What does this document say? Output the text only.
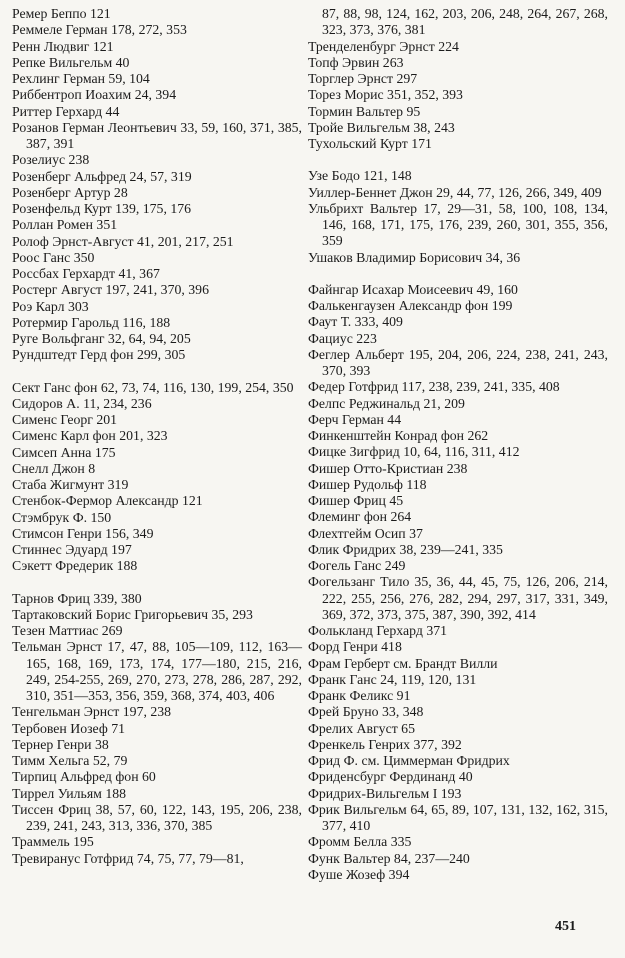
Ремер Беппо 121

Реммеле Герман 178, 272, 353

Ренн Людвиг 121

Репке Вильгельм 40

Рехлинг Герман 59, 104

Риббентроп Иоахим 24, 394

Риттер Герхард 44

Розанов Герман Леонтьевич 33, 59, 160, 371, 385, 387, 391

Розелиус 238

Розенберг Альфред 24, 57, 319

Розенберг Артур 28

Розенфельд Курт 139, 175, 176

Роллан Ромен 351

Ролоф Эрнст-Август 41, 201, 217, 251

Роос Ганс 350

Россбах Герхардт 41, 367

Ростерг Август 197, 241, 370, 396

Роэ Карл 303

Ротермир Гарольд 116, 188

Руге Вольфганг 32, 64, 94, 205

Рундштедт Герд фон 299, 305

Сект Ганс фон 62, 73, 74, 116, 130, 199, 254, 350

Сидоров А. 11, 234, 236

Сименс Георг 201

Сименс Карл фон 201, 323

Симсеп Анна 175

Снелл Джон 8

Стаба Жигмунт 319

Стенбок-Фермор Александр 121

Стэмбрук Ф. 150

Стимсон Генри 156, 349

Стиннес Эдуард 197

Сэкетт Фредерик 188

Тарнов Фриц 339, 380

Тартаковский Борис Григорьевич 35, 293

Тезен Маттиас 269

Тельман Эрнст 17, 47, 88, 105—109, 112, 163—165, 168, 169, 173, 174, 177—180, 215, 216, 249, 254-255, 269, 270, 273, 278, 286, 287, 292, 310, 351—353, 356, 359, 368, 374, 403, 406

Тенгельман Эрнст 197, 238

Тербовен Иозеф 71

Тернер Генри 38

Тимм Хельга 52, 79

Тирпиц Альфред фон 60

Тиррел Уильям 188

Тиссен Фриц 38, 57, 60, 122, 143, 195, 206, 238, 239, 241, 243, 313, 336, 370, 385

Траммель 195

Тревиранус Готфрид 74, 75, 77, 79—81,

87, 88, 98, 124, 162, 203, 206, 248, 264, 267, 268, 323, 373, 376, 381

Тренделенбург Эрнст 224

Топф Эрвин 263

Торглер Эрнст 297

Торез Морис 351, 352, 393

Тормин Вальтер 95

Тройе Вильгельм 38, 243

Тухольский Курт 171

Узе Бодо 121, 148

Уиллер-Беннет Джон 29, 44, 77, 126, 266, 349, 409

Ульбрихт Вальтер 17, 29—31, 58, 100, 108, 134, 146, 168, 171, 175, 176, 239, 260, 301, 355, 356, 359

Ушаков Владимир Борисович 34, 36

Файнгар Исахар Моисеевич 49, 160

Фалькенгаузен Александр фон 199

Фаут Т. 333, 409

Фациус 223

Феглер Альберт 195, 204, 206, 224, 238, 241, 243, 370, 393

Федер Готфрид 117, 238, 239, 241, 335, 408

Фелпс Реджинальд 21, 209

Ферч Герман 44

Финкенштейн Конрад фон 262

Фицке Зигфрид 10, 64, 116, 311, 412

Фишер Отто-Кристиан 238

Фишер Рудольф 118

Фишер Фриц 45

Флеминг фон 264

Флехтгейм Осип 37

Флик Фридрих 38, 239—241, 335

Фогель Ганс 249

Фогельзанг Тило 35, 36, 44, 45, 75, 126, 206, 214, 222, 255, 256, 276, 282, 294, 297, 317, 331, 349, 369, 372, 373, 375, 387, 390, 392, 414

Фолькланд Герхард 371

Форд Генри 418

Фрам Герберт см. Брандт Вилли

Франк Ганс 24, 119, 120, 131

Франк Феликс 91

Фрей Бруно 33, 348

Фрелих Август 65

Френкель Генрих 377, 392

Фрид Ф. см. Циммерман Фридрих

Фриденсбург Фердинанд 40

Фридрих-Вильгельм I 193

Фрик Вильгельм 64, 65, 89, 107, 131, 132, 162, 315, 377, 410

Фромм Белла 335

Функ Вальтер 84, 237—240

Фуше Жозеф 394

451
